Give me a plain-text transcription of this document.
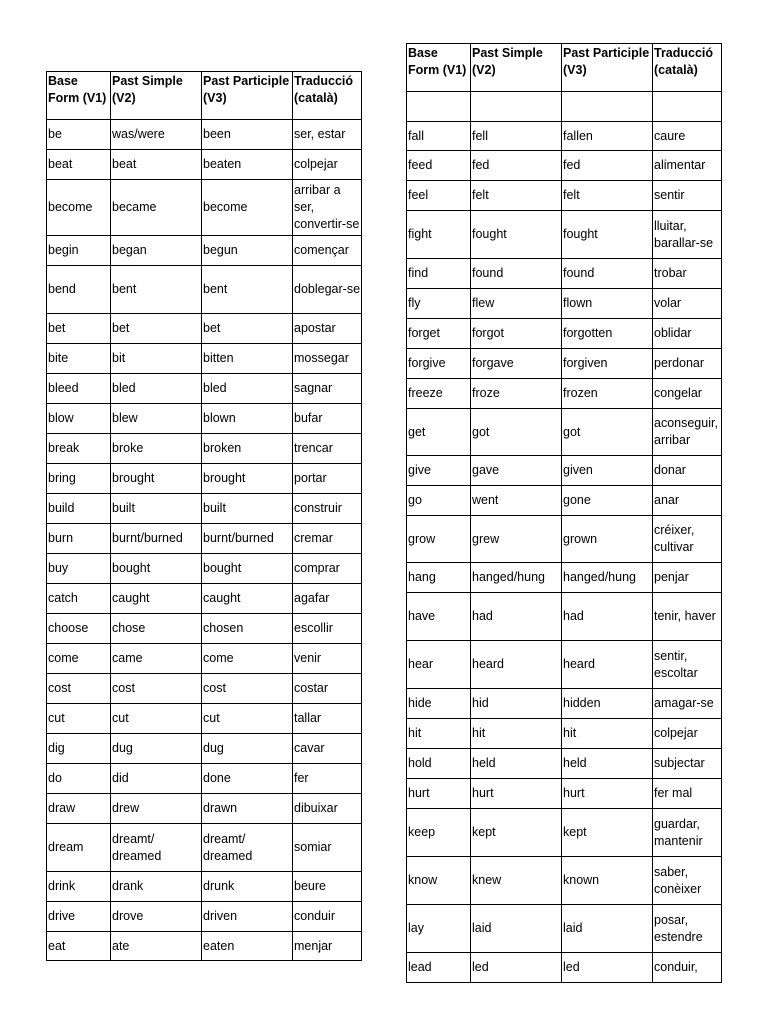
Base Form (V1)	Past Simple (V2)	Past Participle (V3)	Traducció (català)
be	was/were	been	ser, estar
beat	beat	beaten	colpejar
become	became	become	arribar a ser, convertir-se
begin	began	begun	començar
bend	bent	bent	doblegar-se
bet	bet	bet	apostar
bite	bit	bitten	mossegar
bleed	bled	bled	sagnar
blow	blew	blown	bufar
break	broke	broken	trencar
bring	brought	brought	portar
build	built	built	construir
burn	burnt/burned	burnt/burned	cremar
buy	bought	bought	comprar
catch	caught	caught	agafar
choose	chose	chosen	escollir
come	came	come	venir
cost	cost	cost	costar
cut	cut	cut	tallar
dig	dug	dug	cavar
do	did	done	fer
draw	drew	drawn	dibuixar
dream	dreamt/ dreamed	dreamt/ dreamed	somiar
drink	drank	drunk	beure
drive	drove	driven	conduir
eat	ate	eaten	menjar
Base Form (V1)	Past Simple (V2)	Past Participle (V3)	Traducció (català)

fall	fell	fallen	caure
feed	fed	fed	alimentar
feel	felt	felt	sentir
fight	fought	fought	lluitar, barallar-se
find	found	found	trobar
fly	flew	flown	volar
forget	forgot	forgotten	oblidar
forgive	forgave	forgiven	perdonar
freeze	froze	frozen	congelar
get	got	got	aconseguir, arribar
give	gave	given	donar
go	went	gone	anar
grow	grew	grown	créixer, cultivar
hang	hanged/hung	hanged/hung	penjar
have	had	had	tenir, haver
hear	heard	heard	sentir, escoltar
hide	hid	hidden	amagar-se
hit	hit	hit	colpejar
hold	held	held	subjectar
hurt	hurt	hurt	fer mal
keep	kept	kept	guardar, mantenir
know	knew	known	saber, conèixer
lay	laid	laid	posar, estendre
lead	led	led	conduir,
